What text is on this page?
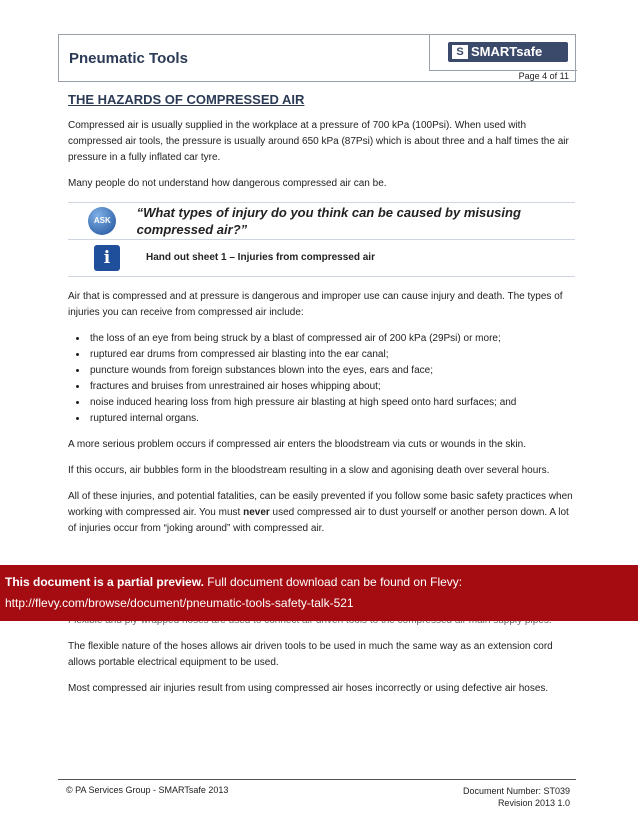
Pneumatic Tools	S SMARTsafe
Page 4 of 11
THE HAZARDS OF COMPRESSED AIR

Compressed air is usually supplied in the workplace at a pressure of 700 kPa (100Psi). When used with compressed air tools, the pressure is usually around 650 kPa (87Psi) which is about three and a half times the air pressure in a fully inflated car tyre.

Many people do not understand how dangerous compressed air can be.

ASK
“What types of injury do you think can be caused by misusing compressed air?”
i	Hand out sheet 1 – Injuries from compressed air

Air that is compressed and at pressure is dangerous and improper use can cause injury and death. The types of injuries you can receive from compressed air include:

• the loss of an eye from being struck by a blast of compressed air of 200 kPa (29Psi) or more;
• ruptured ear drums from compressed air blasting into the ear canal;
• puncture wounds from foreign substances blown into the eyes, ears and face;
• fractures and bruises from unrestrained air hoses whipping about;
• noise induced hearing loss from high pressure air blasting at high speed onto hard surfaces; and
• ruptured internal organs.

A more serious problem occurs if compressed air enters the bloodstream via cuts or wounds in the skin.

If this occurs, air bubbles form in the bloodstream resulting in a slow and agonising death over several hours.

All of these injuries, and potential fatalities, can be easily prevented if you follow some basic safety practices when working with compressed air. You must never used compressed air to dust yourself or another person down. A lot of injuries occur from “joking around” with compressed air.

The flexible nature of the hoses allows air driven tools to be used in much the same way as an extension cord allows portable electrical equipment to be used.

Most compressed air injuries result from using compressed air hoses incorrectly or using defective air hoses.

This document is a partial preview. Full document download can be found on Flevy:
http://flevy.com/browse/document/pneumatic-tools-safety-talk-521
© PA Services Group - SMARTsafe 2013	Document Number: ST039
Revision 2013 1.0
